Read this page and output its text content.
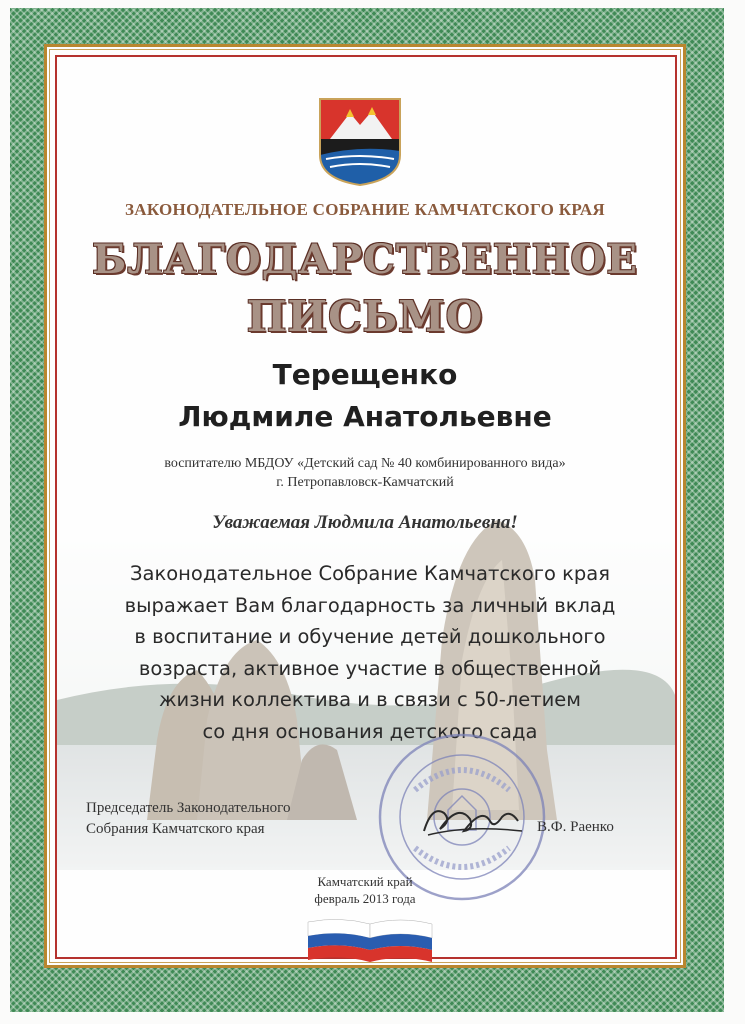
ЗАКОНОДАТЕЛЬНОЕ СОБРАНИЕ КАМЧАТСКОГО КРАЯ
БЛАГОДАРСТВЕННОЕ
ПИСЬМО
Терещенко
Людмиле Анатольевне
воспитателю МБДОУ «Детский сад № 40 комбинированного вида»
г. Петропавловск-Камчатский
Уважаемая Людмила Анатольевна!
Законодательное Собрание Камчатского края
выражает Вам благодарность за личный вклад
в воспитание и обучение детей дошкольного
возраста, активное участие в общественной
жизни коллектива и в связи с 50-летием
со дня основания детского сада
Председатель Законодательного
Собрания Камчатского края	В.Ф. Раенко
Камчатский край
февраль 2013 года
